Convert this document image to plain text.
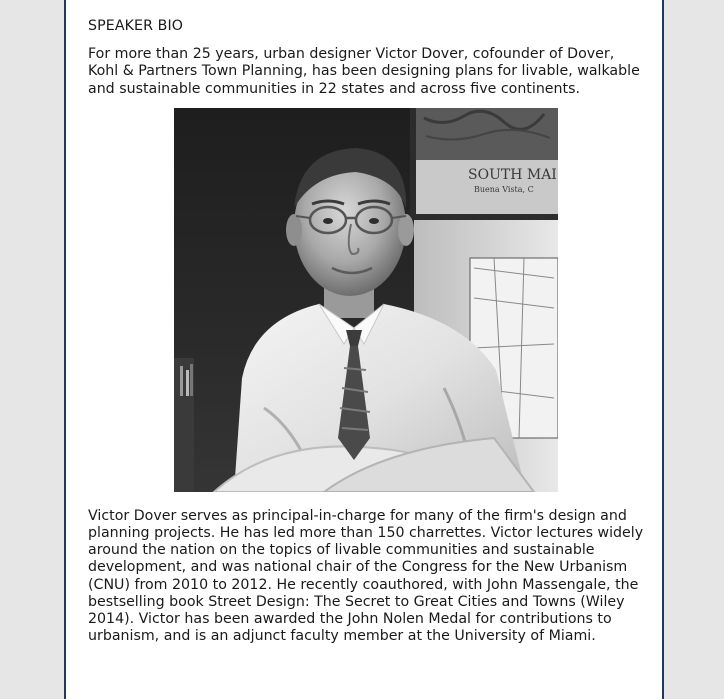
SPEAKER BIO

For more than 25 years, urban designer Victor Dover, cofounder of Dover, Kohl & Partners Town Planning, has been designing plans for livable, walkable and sustainable communities in 22 states and across five continents.

SOUTH MAI
Buena Vista, C

Victor Dover serves as principal-in-charge for many of the firm's design and planning projects. He has led more than 150 charrettes. Victor lectures widely around the nation on the topics of livable communities and sustainable development, and was national chair of the Congress for the New Urbanism (CNU) from 2010 to 2012. He recently coauthored, with John Massengale, the bestselling book Street Design: The Secret to Great Cities and Towns (Wiley 2014). Victor has been awarded the John Nolen Medal for contributions to urbanism, and is an adjunct faculty member at the University of Miami.
